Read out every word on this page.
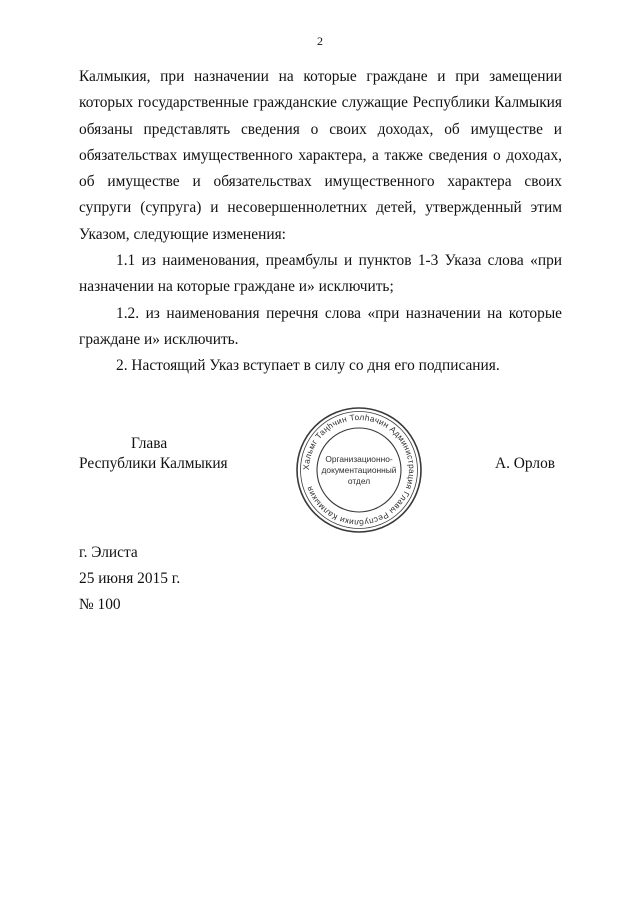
2

Калмыкия, при назначении на которые граждане и при замещении которых государственные гражданские служащие Республики Калмыкия обязаны представлять сведения о своих доходах, об имуществе и обязательствах имущественного характера, а также сведения о доходах, об имуществе и обязательствах имущественного характера своих супруги (супруга) и несовершеннолетних детей, утвержденный этим Указом, следующие изменения:

1.1 из наименования, преамбулы и пунктов 1-3 Указа слова «при назначении на которые граждане и» исключить;

1.2. из наименования перечня слова «при назначении на которые граждане и» исключить.

2. Настоящий Указ вступает в силу со дня его подписания.

Глава
Республики Калмыкия	Хальмг Таңһчин Толһачин Администрация Главы Республики Калмыкия
Организационно-
документационный
отдел
А. Орлов
г. Элиста
25 июня 2015 г.
№ 100
